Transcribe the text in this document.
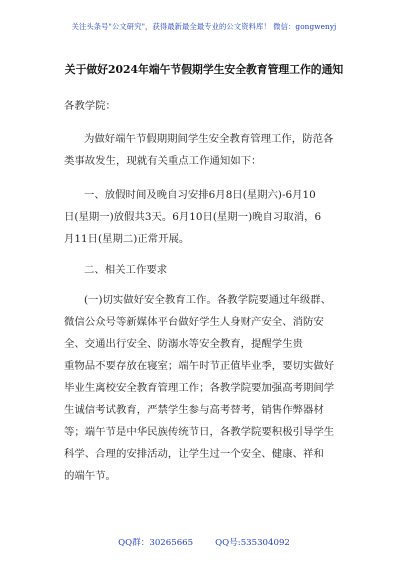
关注头条号"公文研究"，获得最新最全最专业的公文资料库！ 微信：gongwenyj
关于做好2024年端午节假期学生安全教育管理工作的通知

各教学院：

为做好端午节假期期间学生安全教育管理工作，防范各
类事故发生，现就有关重点工作通知如下：

一、放假时间及晚自习安排6月8日(星期六)-6月10
日(星期一)放假共3天。6月10日(星期一)晚自习取消，6
月11日(星期二)正常开展。

二、相关工作要求

(一)切实做好安全教育工作。各教学院要通过年级群、
微信公众号等新媒体平台做好学生人身财产安全、消防安
全、交通出行安全、防溺水等安全教育，提醒学生贵
重物品不要存放在寝室；端午时节正值毕业季，要切实做好
毕业生离校安全教育管理工作；各教学院要加强高考期间学
生诚信考试教育，严禁学生参与高考替考，销售作弊器材
等；端午节是中华民族传统节日，各教学院要积极引导学生
科学、合理的安排活动，让学生过一个安全、健康、祥和
的端午节。

QQ群：30265665	QQ号:535304092
